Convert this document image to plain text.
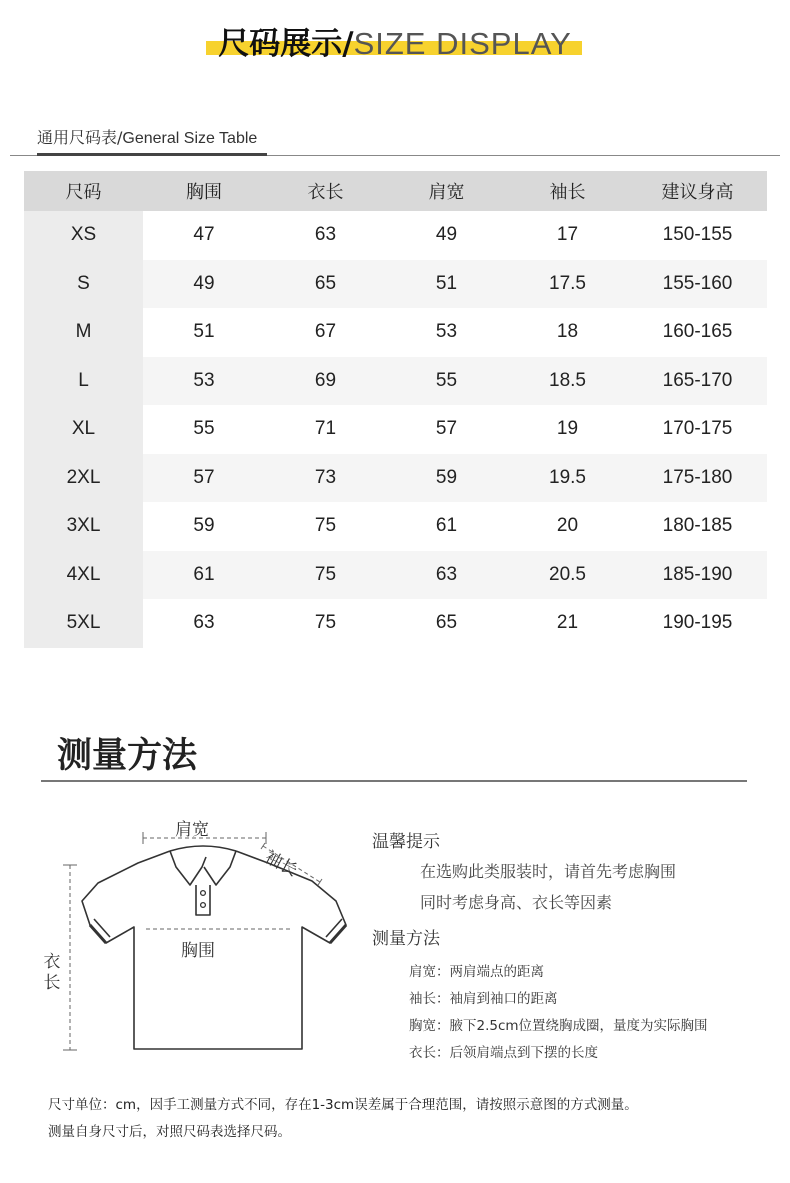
尺码展示/SIZE DISPLAY
通用尺码表/General Size Table
尺码	胸围	衣长	肩宽	袖长	建议身高
XS	47	63	49	17	150-155
S	49	65	51	17.5	155-160
M	51	67	53	18	160-165
L	53	69	55	18.5	165-170
XL	55	71	57	19	170-175
2XL	57	73	59	19.5	175-180
3XL	59	75	61	20	180-185
4XL	61	75	63	20.5	185-190
5XL	63	75	65	21	190-195
测量方法
肩宽
袖长
胸围
衣长
温馨提示
在选购此类服装时，请首先考虑胸围
同时考虑身高、衣长等因素
测量方法
肩宽：两肩端点的距离
袖长：袖肩到袖口的距离
胸宽：腋下2.5cm位置绕胸成圈，量度为实际胸围
衣长：后领肩端点到下摆的长度
尺寸单位：cm，因手工测量方式不同，存在1-3cm误差属于合理范围，请按照示意图的方式测量。
测量自身尺寸后，对照尺码表选择尺码。
